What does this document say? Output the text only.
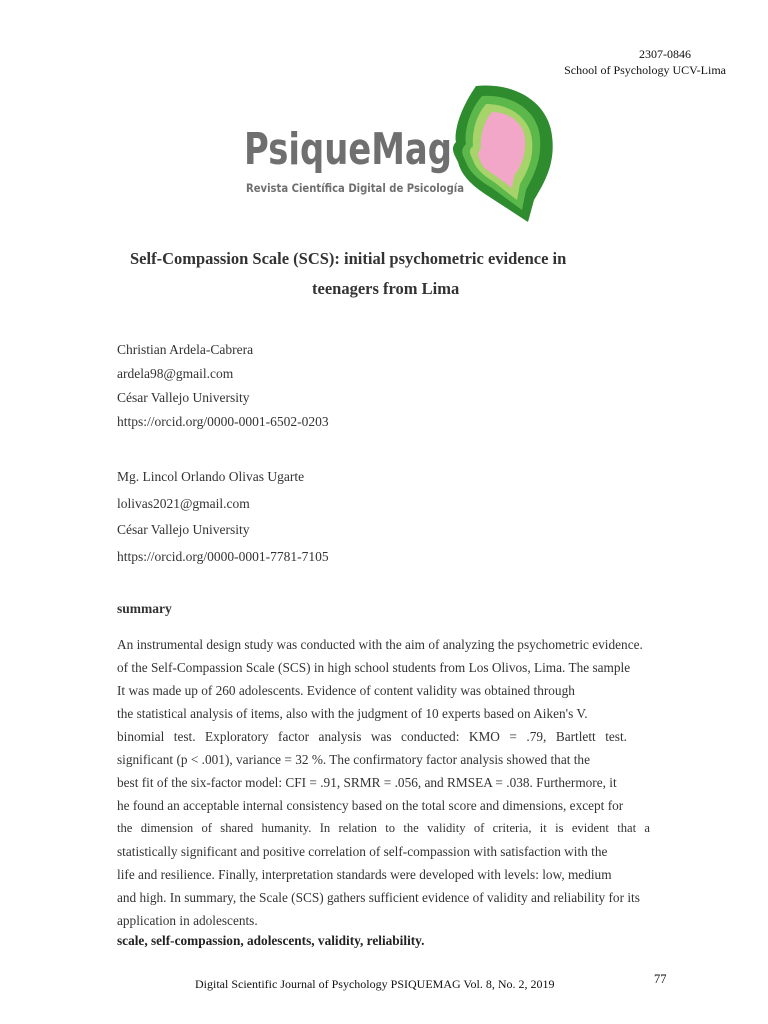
2307-0846
School of Psychology UCV-Lima
PsiqueMag
Revista Científica Digital de Psicología
Self-Compassion Scale (SCS): initial psychometric evidence in
teenagers from Lima
Christian Ardela-Cabrera
ardela98@gmail.com
César Vallejo University
https://orcid.org/0000-0001-6502-0203
Mg. Lincol Orlando Olivas Ugarte
lolivas2021@gmail.com
César Vallejo University
https://orcid.org/0000-0001-7781-7105
summary
An instrumental design study was conducted with the aim of analyzing the psychometric evidence.
of the Self-Compassion Scale (SCS) in high school students from Los Olivos, Lima. The sample
It was made up of 260 adolescents. Evidence of content validity was obtained through
the statistical analysis of items, also with the judgment of 10 experts based on Aiken's V.
binomial test. Exploratory factor analysis was conducted: KMO = .79, Bartlett test.
significant (p < .001), variance = 32 %. The confirmatory factor analysis showed that the
best fit of the six-factor model: CFI = .91, SRMR = .056, and RMSEA = .038. Furthermore, it
he found an acceptable internal consistency based on the total score and dimensions, except for
the dimension of shared humanity. In relation to the validity of criteria, it is evident that a
statistically significant and positive correlation of self-compassion with satisfaction with the
life and resilience. Finally, interpretation standards were developed with levels: low, medium
and high. In summary, the Scale (SCS) gathers sufficient evidence of validity and reliability for its
application in adolescents.
scale, self-compassion, adolescents, validity, reliability.
Digital Scientific Journal of Psychology PSIQUEMAG Vol. 8, No. 2, 2019	77
